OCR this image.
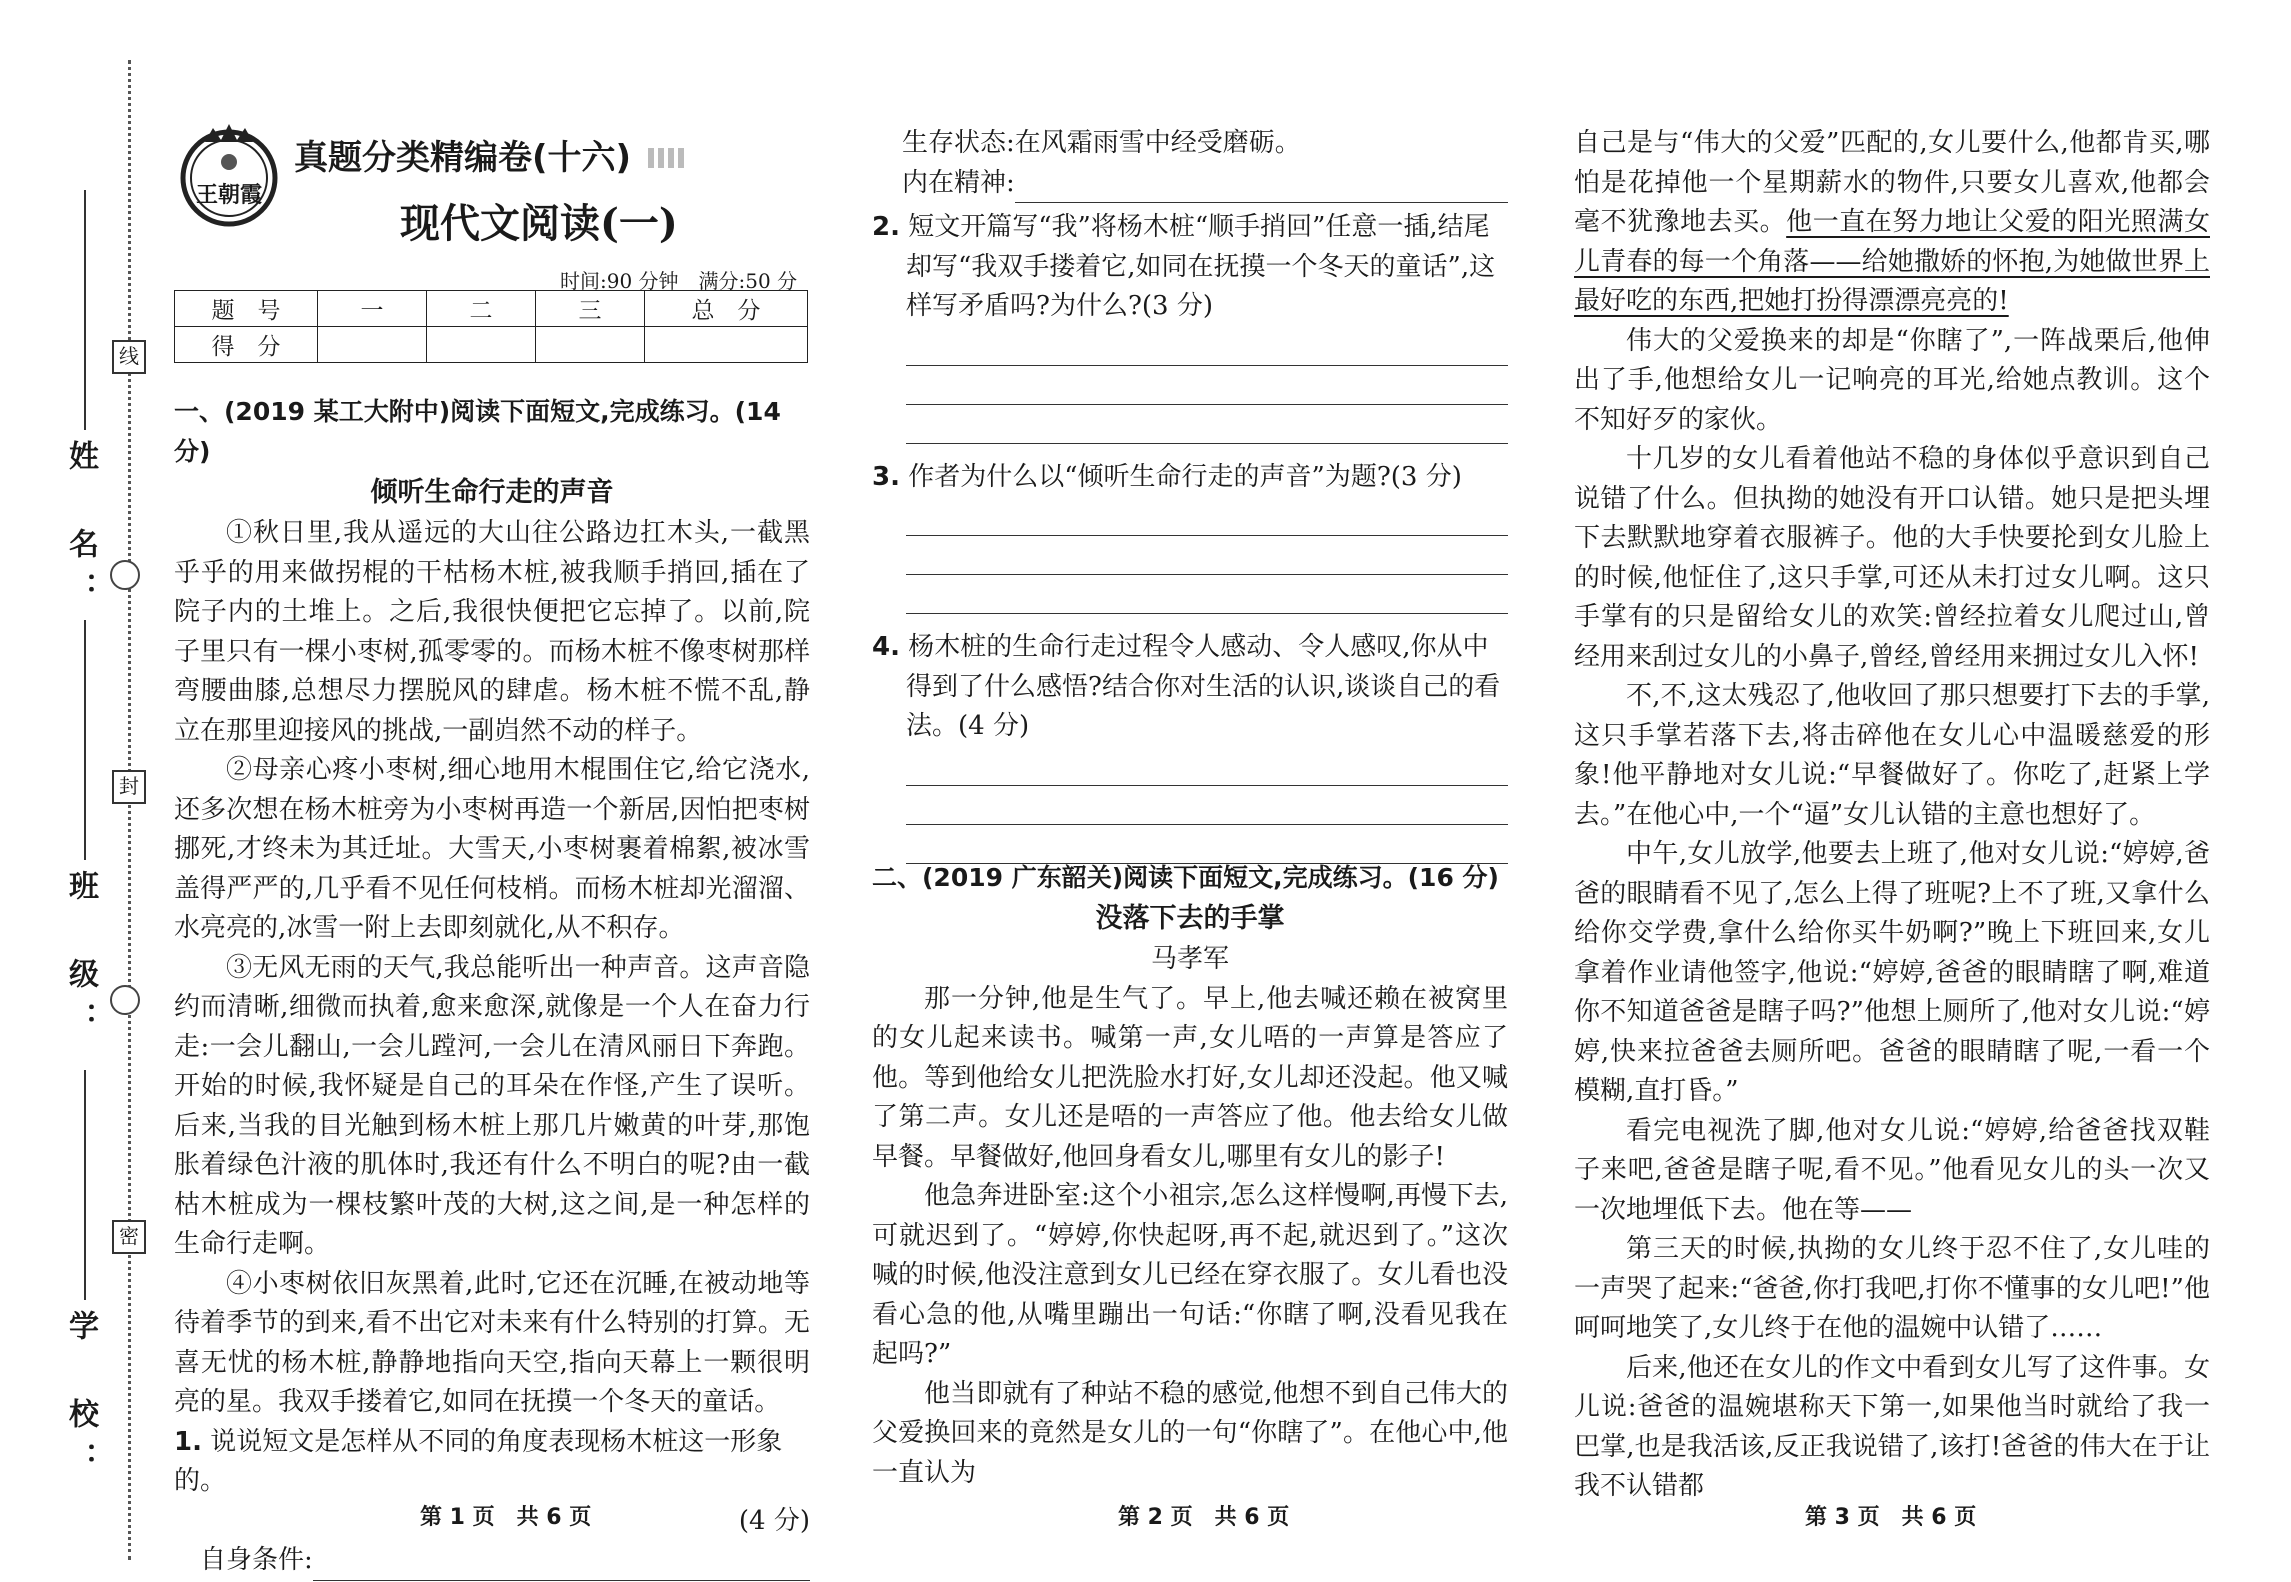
线
封
密
姓　名：
班　级：
学　校：
王朝霞
真题分类精编卷(十六)
现代文阅读(一)
时间:90 分钟　满分:50 分
题　号	一	二	三	总　分
得　分				

一、(2019 某工大附中)阅读下面短文,完成练习。(14 分)

倾听生命行走的声音

①秋日里,我从遥远的大山往公路边扛木头,一截黑乎乎的用来做拐棍的干枯杨木桩,被我顺手捎回,插在了院子内的土堆上。之后,我很快便把它忘掉了。以前,院子里只有一棵小枣树,孤零零的。而杨木桩不像枣树那样弯腰曲膝,总想尽力摆脱风的肆虐。杨木桩不慌不乱,静立在那里迎接风的挑战,一副岿然不动的样子。

②母亲心疼小枣树,细心地用木棍围住它,给它浇水,还多次想在杨木桩旁为小枣树再造一个新居,因怕把枣树挪死,才终未为其迁址。大雪天,小枣树裹着棉絮,被冰雪盖得严严的,几乎看不见任何枝梢。而杨木桩却光溜溜、水亮亮的,冰雪一附上去即刻就化,从不积存。

③无风无雨的天气,我总能听出一种声音。这声音隐约而清晰,细微而执着,愈来愈深,就像是一个人在奋力行走:一会儿翻山,一会儿蹚河,一会儿在清风丽日下奔跑。开始的时候,我怀疑是自己的耳朵在作怪,产生了误听。后来,当我的目光触到杨木桩上那几片嫩黄的叶芽,那饱胀着绿色汁液的肌体时,我还有什么不明白的呢?由一截枯木桩成为一棵枝繁叶茂的大树,这之间,是一种怎样的生命行走啊。

④小枣树依旧灰黑着,此时,它还在沉睡,在被动地等待着季节的到来,看不出它对未来有什么特别的打算。无喜无忧的杨木桩,静静地指向天空,指向天幕上一颗很明亮的星。我双手搂着它,如同在抚摸一个冬天的童话。

1. 说说短文是怎样从不同的角度表现杨木桩这一形象的。

(4 分)

自身条件:

生存状态:在风霜雨雪中经受磨砺。

内在精神:

2. 短文开篇写“我”将杨木桩“顺手捎回”任意一插,结尾却写“我双手搂着它,如同在抚摸一个冬天的童话”,这样写矛盾吗?为什么?(3 分)

3. 作者为什么以“倾听生命行走的声音”为题?(3 分)

4. 杨木桩的生命行走过程令人感动、令人感叹,你从中得到了什么感悟?结合你对生活的认识,谈谈自己的看法。(4 分)

二、(2019 广东韶关)阅读下面短文,完成练习。(16 分)

没落下去的手掌

马孝军

那一分钟,他是生气了。早上,他去喊还赖在被窝里的女儿起来读书。喊第一声,女儿唔的一声算是答应了他。等到他给女儿把洗脸水打好,女儿却还没起。他又喊了第二声。女儿还是唔的一声答应了他。他去给女儿做早餐。早餐做好,他回身看女儿,哪里有女儿的影子!

他急奔进卧室:这个小祖宗,怎么这样慢啊,再慢下去,可就迟到了。“婷婷,你快起呀,再不起,就迟到了。”这次喊的时候,他没注意到女儿已经在穿衣服了。女儿看也没看心急的他,从嘴里蹦出一句话:“你瞎了啊,没看见我在起吗?”

他当即就有了种站不稳的感觉,他想不到自己伟大的父爱换回来的竟然是女儿的一句“你瞎了”。在他心中,他一直认为

自己是与“伟大的父爱”匹配的,女儿要什么,他都肯买,哪怕是花掉他一个星期薪水的物件,只要女儿喜欢,他都会毫不犹豫地去买。他一直在努力地让父爱的阳光照满女儿青春的每一个角落——给她撒娇的怀抱,为她做世界上最好吃的东西,把她打扮得漂漂亮亮的!

伟大的父爱换来的却是“你瞎了”,一阵战栗后,他伸出了手,他想给女儿一记响亮的耳光,给她点教训。这个不知好歹的家伙。

十几岁的女儿看着他站不稳的身体似乎意识到自己说错了什么。但执拗的她没有开口认错。她只是把头埋下去默默地穿着衣服裤子。他的大手快要抡到女儿脸上的时候,他怔住了,这只手掌,可还从未打过女儿啊。这只手掌有的只是留给女儿的欢笑:曾经拉着女儿爬过山,曾经用来刮过女儿的小鼻子,曾经,曾经用来拥过女儿入怀!

不,不,这太残忍了,他收回了那只想要打下去的手掌,这只手掌若落下去,将击碎他在女儿心中温暖慈爱的形象!他平静地对女儿说:“早餐做好了。你吃了,赶紧上学去。”在他心中,一个“逼”女儿认错的主意也想好了。

中午,女儿放学,他要去上班了,他对女儿说:“婷婷,爸爸的眼睛看不见了,怎么上得了班呢?上不了班,又拿什么给你交学费,拿什么给你买牛奶啊?”晚上下班回来,女儿拿着作业请他签字,他说:“婷婷,爸爸的眼睛瞎了啊,难道你不知道爸爸是瞎子吗?”他想上厕所了,他对女儿说:“婷婷,快来拉爸爸去厕所吧。爸爸的眼睛瞎了呢,一看一个模糊,直打昏。”

看完电视洗了脚,他对女儿说:“婷婷,给爸爸找双鞋子来吧,爸爸是瞎子呢,看不见。”他看见女儿的头一次又一次地埋低下去。他在等——

第三天的时候,执拗的女儿终于忍不住了,女儿哇的一声哭了起来:“爸爸,你打我吧,打你不懂事的女儿吧!”他呵呵地笑了,女儿终于在他的温婉中认错了……

后来,他还在女儿的作文中看到女儿写了这件事。女儿说:爸爸的温婉堪称天下第一,如果他当时就给了我一巴掌,也是我活该,反正我说错了,该打!爸爸的伟大在于让我不认错都

第 1 页　共 6 页	第 2 页　共 6 页	第 3 页　共 6 页
